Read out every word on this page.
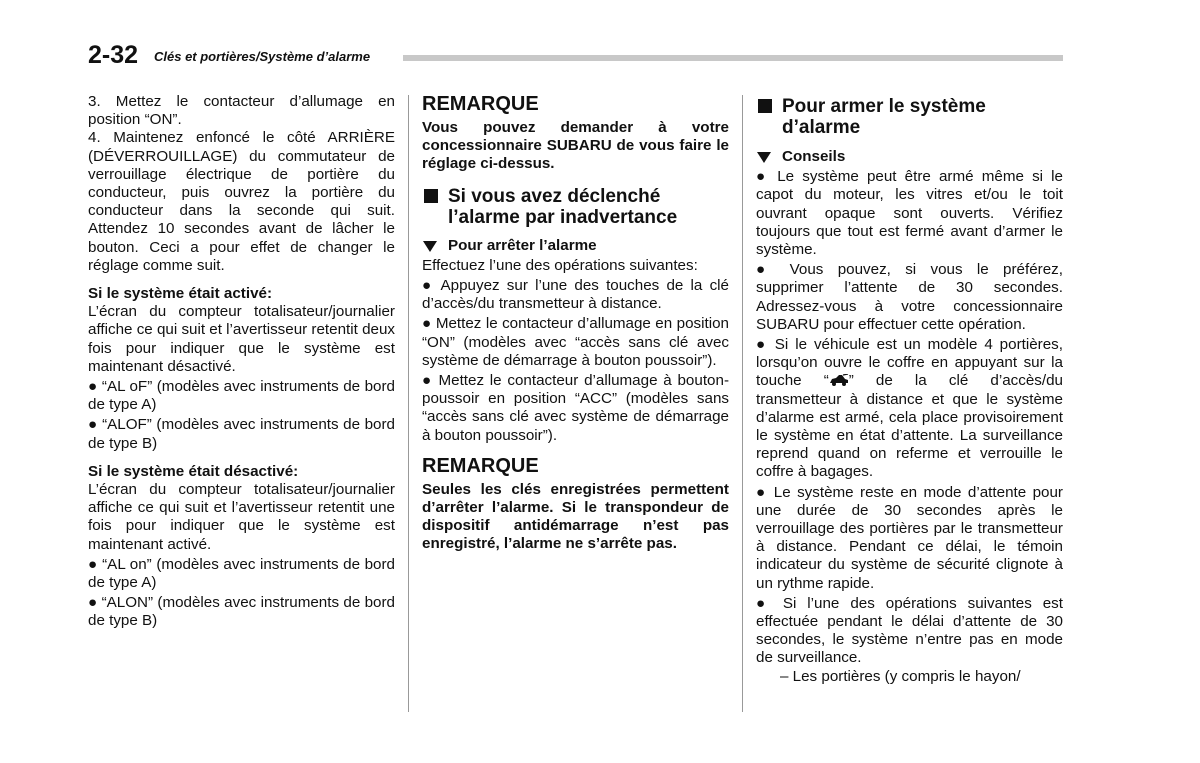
2-32 Clés et portières/Système d’alarme

3. Mettez le contacteur d’allumage en position “ON”.

4. Maintenez enfoncé le côté ARRIÈRE (DÉVERROUILLAGE) du commutateur de verrouillage électrique de portière du conducteur, puis ouvrez la portière du conducteur dans la seconde qui suit. Attendez 10 secondes avant de lâcher le bouton. Ceci a pour effet de changer le réglage comme suit.

Si le système était activé:

L’écran du compteur totalisateur/journalier affiche ce qui suit et l’avertisseur retentit deux fois pour indiquer que le système est maintenant désactivé.

● “AL oF” (modèles avec instruments de bord de type A)

● “ALOF” (modèles avec instruments de bord de type B)

Si le système était désactivé:

L’écran du compteur totalisateur/journalier affiche ce qui suit et l’avertisseur retentit une fois pour indiquer que le système est maintenant activé.

● “AL on” (modèles avec instruments de bord de type A)

● “ALON” (modèles avec instruments de bord de type B)

REMARQUE

Vous pouvez demander à votre concessionnaire SUBARU de vous faire le réglage ci-dessus.

Si vous avez déclenché l’alarme par inadvertance
Pour arrêter l’alarme

Effectuez l’une des opérations suivantes:

● Appuyez sur l’une des touches de la clé d’accès/du transmetteur à distance.

● Mettez le contacteur d’allumage en position “ON” (modèles avec “accès sans clé avec système de démarrage à bouton poussoir”).

● Mettez le contacteur d’allumage à bouton-poussoir en position “ACC” (modèles sans “accès sans clé avec système de démarrage à bouton poussoir”).

REMARQUE

Seules les clés enregistrées permettent d’arrêter l’alarme. Si le transpondeur de dispositif antidémarrage n’est pas enregistré, l’alarme ne s’arrête pas.

Pour armer le système d’alarme
Conseils

● Le système peut être armé même si le capot du moteur, les vitres et/ou le toit ouvrant opaque sont ouverts. Vérifiez toujours que tout est fermé avant d’armer le système.

● Vous pouvez, si vous le préférez, supprimer l’attente de 30 secondes. Adressez-vous à votre concessionnaire SUBARU pour effectuer cette opération.

● Si le véhicule est un modèle 4 portières, lorsqu’on ouvre le coffre en appuyant sur la touche “ ” de la clé d’accès/du transmetteur à distance et que le système d’alarme est armé, cela place provisoirement le système en état d’attente. La surveillance reprend quand on referme et verrouille le coffre à bagages.

● Le système reste en mode d’attente pour une durée de 30 secondes après le verrouillage des portières par le transmetteur à distance. Pendant ce délai, le témoin indicateur du système de sécurité clignote à un rythme rapide.

● Si l’une des opérations suivantes est effectuée pendant le délai d’attente de 30 secondes, le système n’entre pas en mode de surveillance.

– Les portières (y compris le hayon/
